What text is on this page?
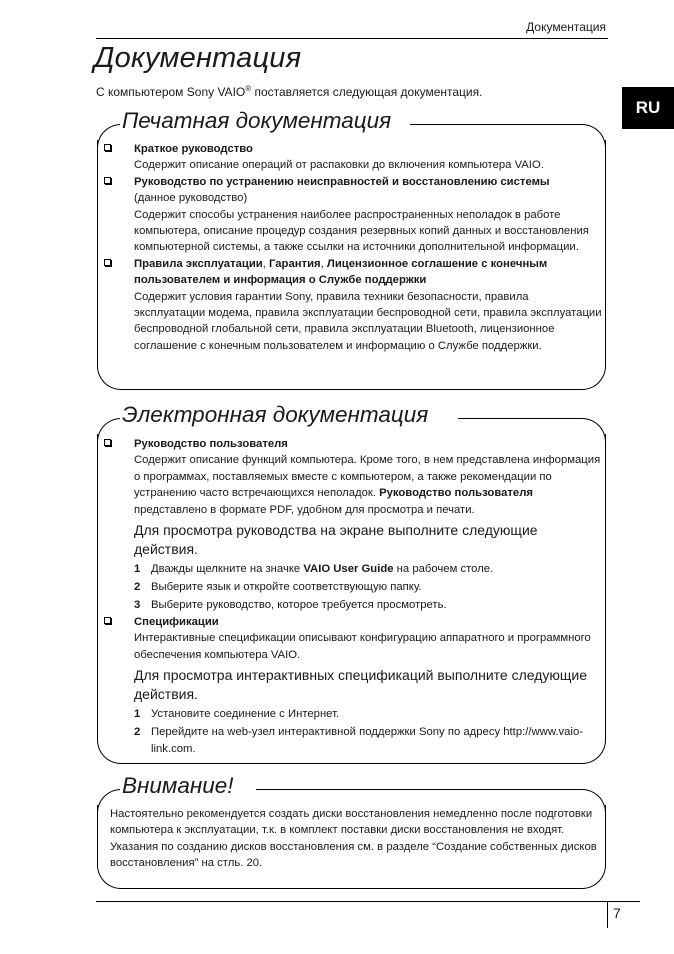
Документация
Документация
С компьютером Sony VAIO® поставляется следующая документация.
RU
Печатная документация
Краткое руководство
Содержит описание операций от распаковки до включения компьютера VAIO.
Руководство по устранению неисправностей и восстановлению системы
(данное руководство)
Содержит способы устранения наиболее распространенных неполадок в работе компьютера, описание процедур создания резервных копий данных и восстановления компьютерной системы, а также ссылки на источники дополнительной информации.
Правила эксплуатации, Гарантия, Лицензионное соглашение с конечным пользователем и информация о Службе поддержки
Содержит условия гарантии Sony, правила техники безопасности, правила эксплуатации модема, правила эксплуатации беспроводной сети, правила эксплуатации беспроводной глобальной сети, правила эксплуатации Bluetooth, лицензионное соглашение с конечным пользователем и информацию о Службе поддержки.
Электронная документация
Руководство пользователя
Содержит описание функций компьютера. Кроме того, в нем представлена информация о программах, поставляемых вместе с компьютером, а также рекомендации по устранению часто встречающихся неполадок. Руководство пользователя представлено в формате PDF, удобном для просмотра и печати.
Для просмотра руководства на экране выполните следующие действия.
1 Дважды щелкните на значке VAIO User Guide на рабочем столе.
2 Выберите язык и откройте соответствующую папку.
3 Выберите руководство, которое требуется просмотреть.
Спецификации
Интерактивные спецификации описывают конфигурацию аппаратного и программного обеспечения компьютера VAIO.
Для просмотра интерактивных спецификаций выполните следующие действия.
1 Установите соединение с Интернет.
2 Перейдите на web-узел интерактивной поддержки Sony по адресу http://www.vaio-link.com.
Внимание!
Настоятельно рекомендуется создать диски восстановления немедленно после подготовки компьютера к эксплуатации, т.к. в комплект поставки диски восстановления не входят.
Указания по созданию дисков восстановления см. в разделе “Создание собственных дисков восстановления” на стль. 20.
7
